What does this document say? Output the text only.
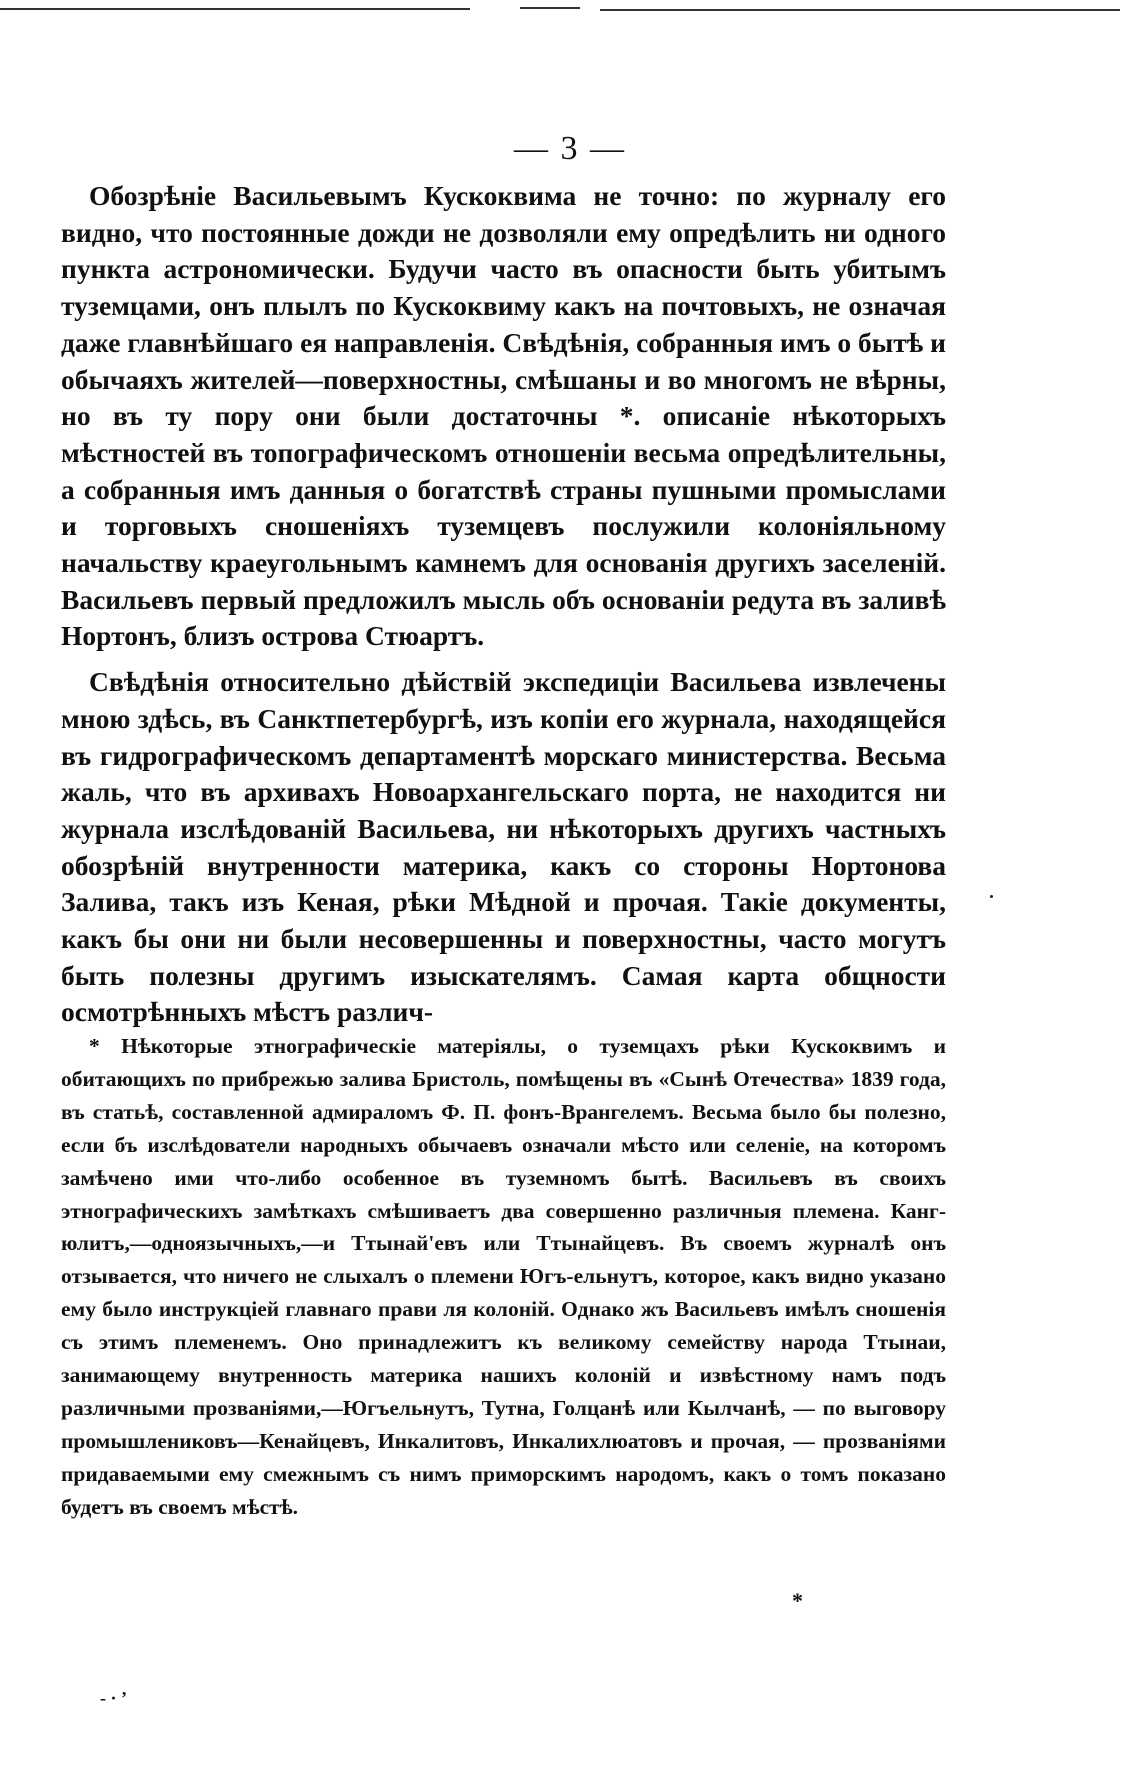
— 3 —

Обозрѣніе Васильевымъ Кускоквима не точно: по журналу его видно, что постоянные дожди не дозволяли ему опредѣлить ни одного пункта астрономически. Будучи часто въ опасности быть убитымъ туземцами, онъ плылъ по Кускоквиму какъ на почтовыхъ, не означая даже главнѣйшаго ея направленія. Свѣдѣнія, собранныя имъ о бытѣ и обычаяхъ жителей—поверхностны, смѣшаны и во многомъ не вѣрны, но въ ту пору они были достаточны *. описаніе нѣкоторыхъ мѣстностей въ топографическомъ отношеніи весьма опредѣлительны, а собранныя имъ данныя о богатствѣ страны пушными промыслами и торговыхъ сношеніяхъ туземцевъ послужили колоніяльному начальству краеугольнымъ камнемъ для основанія другихъ заселеній. Васильевъ первый предложилъ мысль объ основаніи редута въ заливѣ Нортонъ, близъ острова Стюартъ.

Свѣдѣнія относительно дѣйствій экспедиціи Васильева извлечены мною здѣсь, въ Санктпетербургѣ, изъ копіи его журнала, находящейся въ гидрографическомъ департаментѣ морскаго министерства. Весьма жаль, что въ архивахъ Новоархангельскаго порта, не находится ни журнала изслѣдованій Васильева, ни нѣкоторыхъ другихъ частныхъ обозрѣній внутренности материка, какъ со стороны Нортонова Залива, такъ изъ Кеная, рѣки Мѣдной и прочая. Такіе документы, какъ бы они ни были несовершенны и поверхностны, часто могутъ быть полезны другимъ изыскателямъ. Самая карта общности осмотрѣнныхъ мѣстъ различ-

* Нѣкоторые этнографическіе матеріялы, о туземцахъ рѣки Кускоквимъ и обитающихъ по прибрежью залива Бристоль, помѣщены въ «Сынѣ Отечества» 1839 года, въ статьѣ, составленной адмираломъ Ф. П. фонъ-Врангелемъ. Весьма было бы полезно, если бъ изслѣдователи народныхъ обычаевъ означали мѣсто или селеніе, на которомъ замѣчено ими что-либо особенное въ туземномъ бытѣ. Васильевъ въ своихъ этнографическихъ замѣткахъ смѣшиваетъ два совершенно различныя племена. Канг-юлитъ,—одноязычныхъ,—и Ттынай'евъ или Ттынайцевъ. Въ своемъ журналѣ онъ отзывается, что ничего не слыхалъ о племени Югъ-ельнутъ, которое, какъ видно указано ему было инструкціей главнаго прави ля колоній. Однако жъ Васильевъ имѣлъ сношенія съ этимъ племенемъ. Оно принадлежитъ къ великому семейству народа Ттынаи, занимающему внутренность материка нашихъ колоній и извѣстному намъ подъ различными прозваніями,—Югъельнутъ, Тутна, Голцанѣ или Кылчанѣ, — по выговору промышлениковъ—Кенайцевъ, Инкалитовъ, Инкалихлюатовъ и прочая, — прозваніями придаваемыми ему смежнымъ съ нимъ приморскимъ народомъ, какъ о томъ показано будетъ въ своемъ мѣстѣ.

*
‐ · ʼ
